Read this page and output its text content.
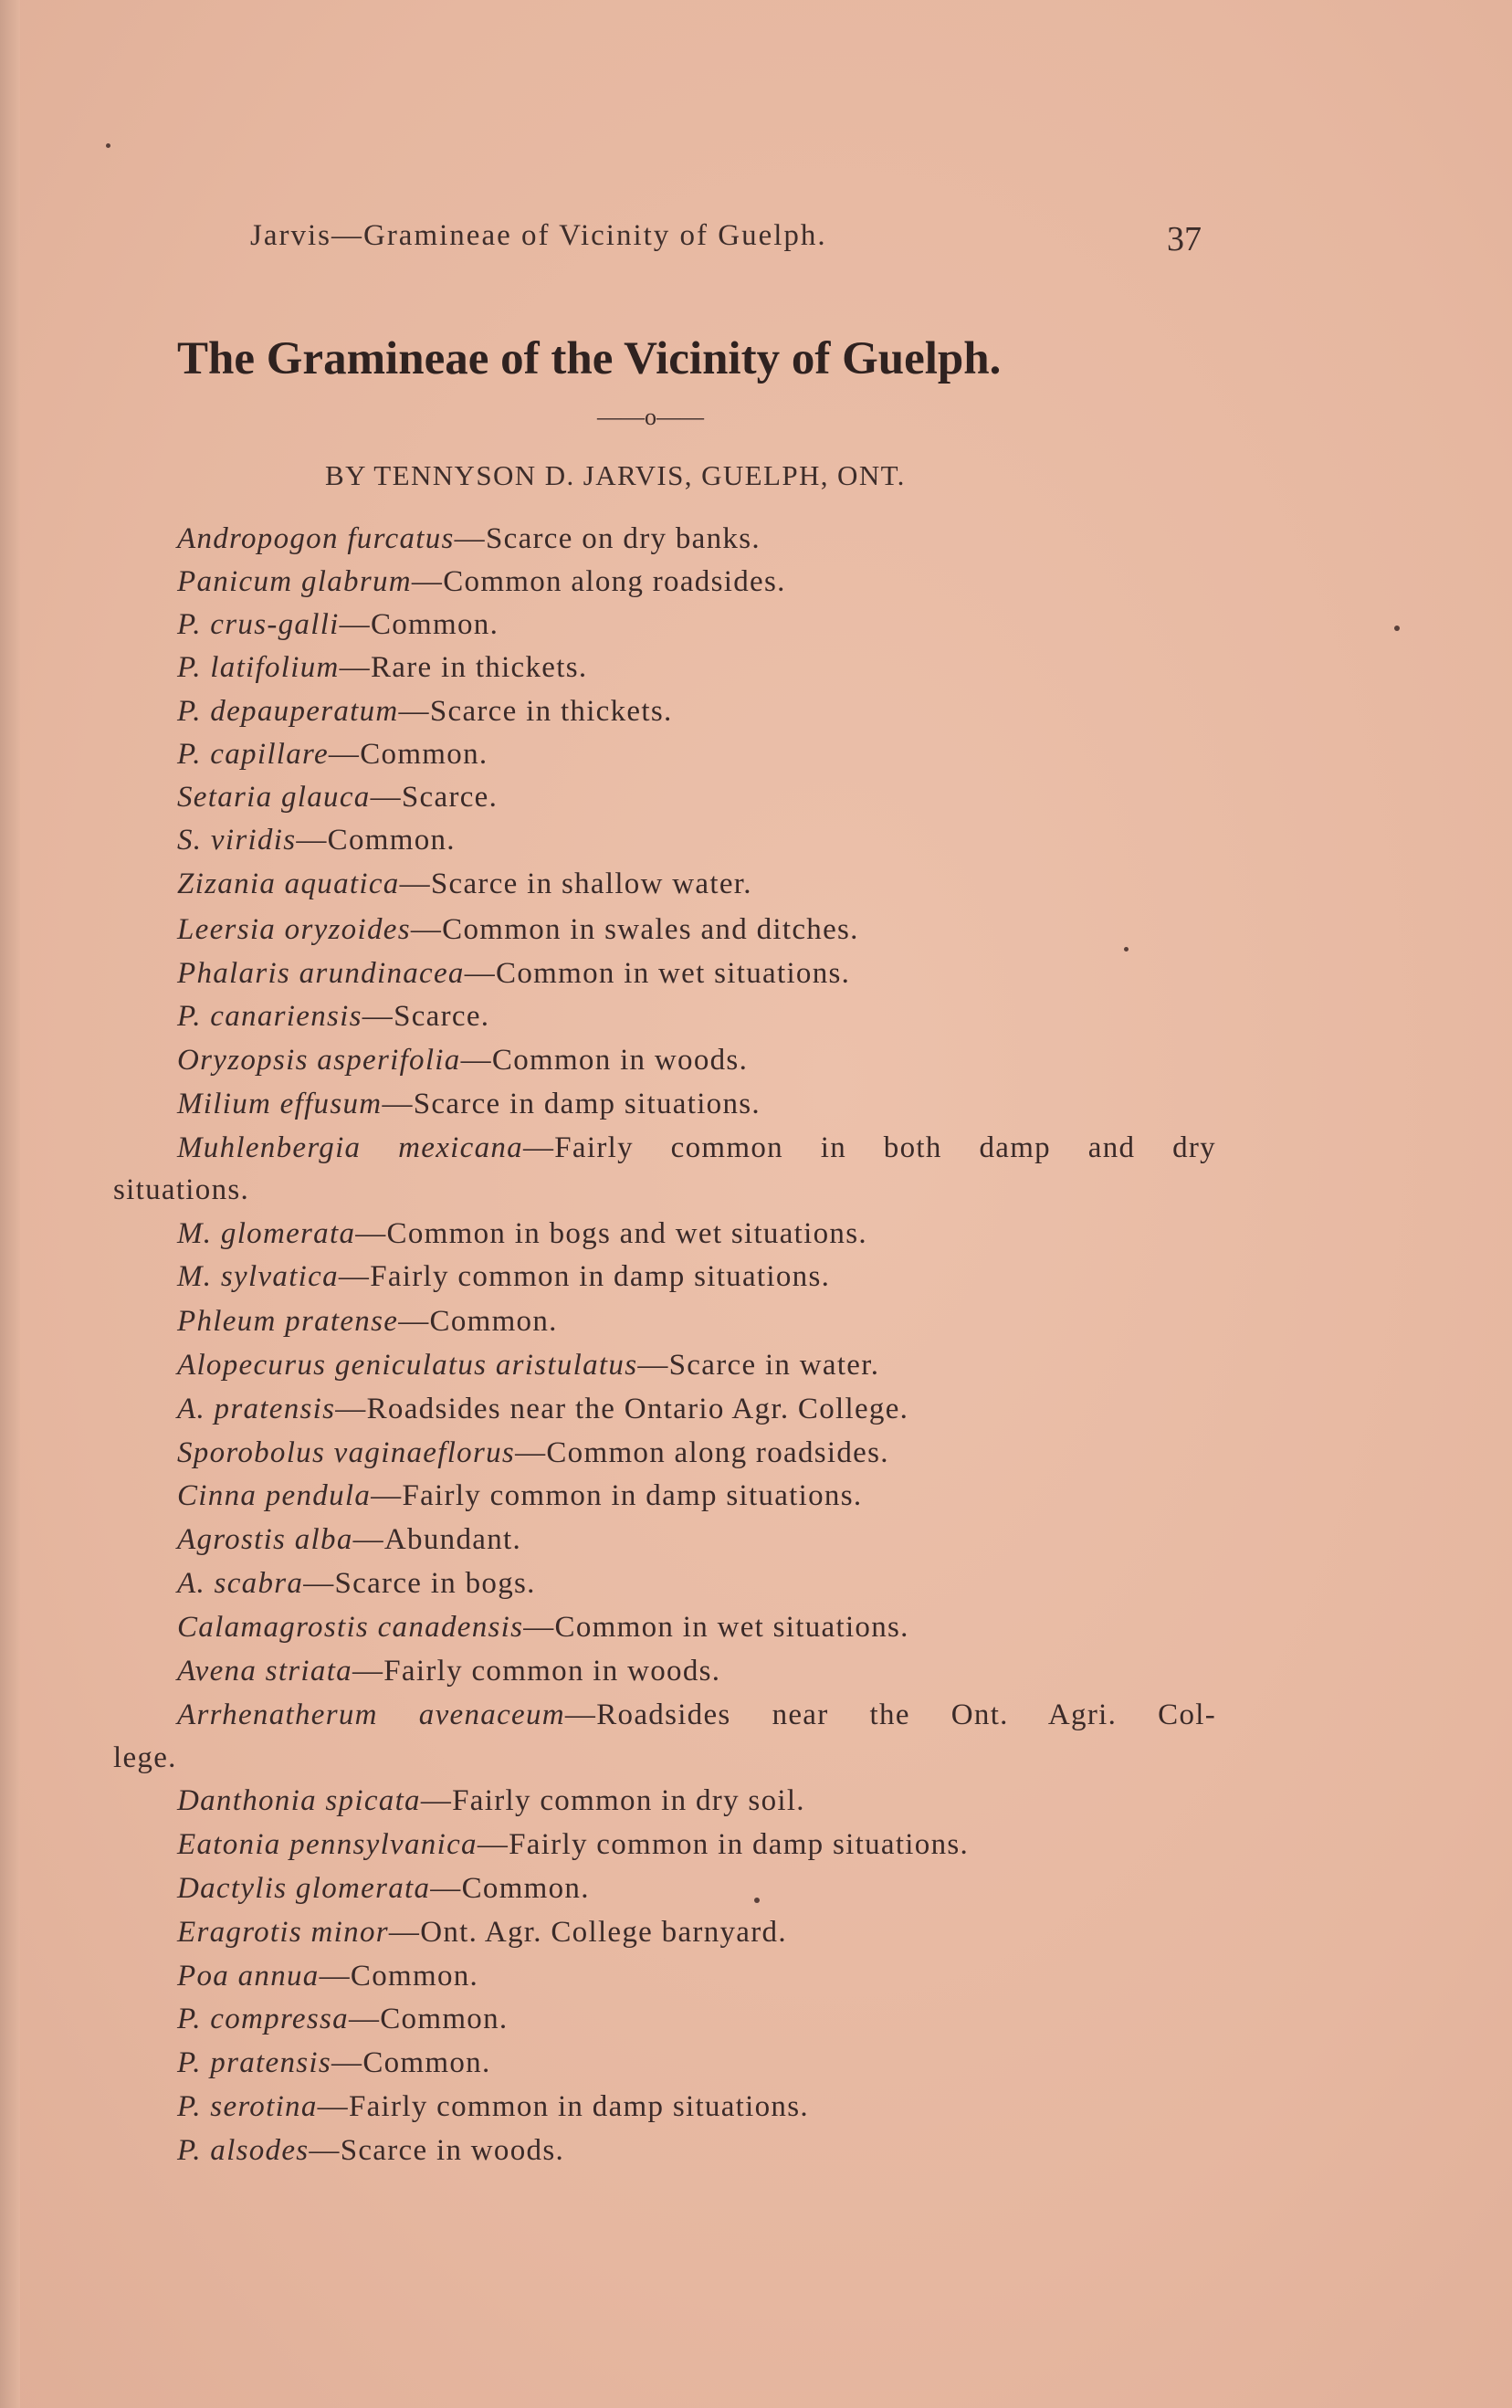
Jarvis—Gramineae of Vicinity of Guelph.	37
The Gramineae of the Vicinity of Guelph.
——o——
BY TENNYSON D. JARVIS, GUELPH, ONT.
Andropogon furcatus—Scarce on dry banks.
Panicum glabrum—Common along roadsides.
P. crus-galli—Common.
P. latifolium—Rare in thickets.
P. depauperatum—Scarce in thickets.
P. capillare—Common.
Setaria glauca—Scarce.
S. viridis—Common.
Zizania aquatica—Scarce in shallow water.
Leersia oryzoides—Common in swales and ditches.
Phalaris arundinacea—Common in wet situations.
P. canariensis—Scarce.
Oryzopsis asperifolia—Common in woods.
Milium effusum—Scarce in damp situations.
Muhlenbergia mexicana—Fairly common in both damp and dry
situations.
M. glomerata—Common in bogs and wet situations.
M. sylvatica—Fairly common in damp situations.
Phleum pratense—Common.
Alopecurus geniculatus aristulatus—Scarce in water.
A. pratensis—Roadsides near the Ontario Agr. College.
Sporobolus vaginaeflorus—Common along roadsides.
Cinna pendula—Fairly common in damp situations.
Agrostis alba—Abundant.
A. scabra—Scarce in bogs.
Calamagrostis canadensis—Common in wet situations.
Avena striata—Fairly common in woods.
Arrhenatherum avenaceum—Roadsides near the Ont. Agri. Col-
lege.
Danthonia spicata—Fairly common in dry soil.
Eatonia pennsylvanica—Fairly common in damp situations.
Dactylis glomerata—Common.
Eragrotis minor—Ont. Agr. College barnyard.
Poa annua—Common.
P. compressa—Common.
P. pratensis—Common.
P. serotina—Fairly common in damp situations.
P. alsodes—Scarce in woods.
